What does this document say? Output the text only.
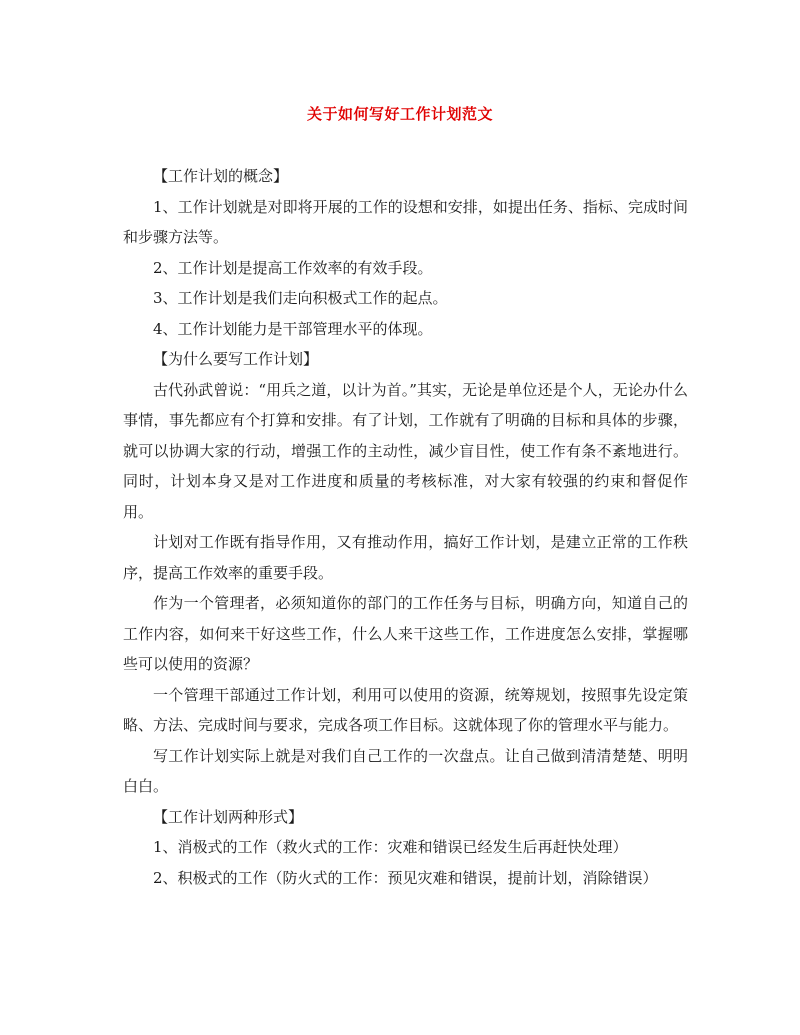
关于如何写好工作计划范文

【工作计划的概念】

1、工作计划就是对即将开展的工作的设想和安排，如提出任务、指标、完成时间和步骤方法等。

2、工作计划是提高工作效率的有效手段。

3、工作计划是我们走向积极式工作的起点。

4、工作计划能力是干部管理水平的体现。

【为什么要写工作计划】

古代孙武曾说：“用兵之道，以计为首。”其实，无论是单位还是个人，无论办什么事情，事先都应有个打算和安排。有了计划，工作就有了明确的目标和具体的步骤，就可以协调大家的行动，增强工作的主动性，减少盲目性，使工作有条不紊地进行。同时，计划本身又是对工作进度和质量的考核标准，对大家有较强的约束和督促作用。

计划对工作既有指导作用，又有推动作用，搞好工作计划，是建立正常的工作秩序，提高工作效率的重要手段。

作为一个管理者，必须知道你的部门的工作任务与目标，明确方向，知道自己的工作内容，如何来干好这些工作，什么人来干这些工作，工作进度怎么安排，掌握哪些可以使用的资源？

一个管理干部通过工作计划，利用可以使用的资源，统筹规划，按照事先设定策略、方法、完成时间与要求，完成各项工作目标。这就体现了你的管理水平与能力。

写工作计划实际上就是对我们自己工作的一次盘点。让自己做到清清楚楚、明明白白。

【工作计划两种形式】

1、消极式的工作（救火式的工作：灾难和错误已经发生后再赶快处理）

2、积极式的工作（防火式的工作：预见灾难和错误，提前计划，消除错误）
